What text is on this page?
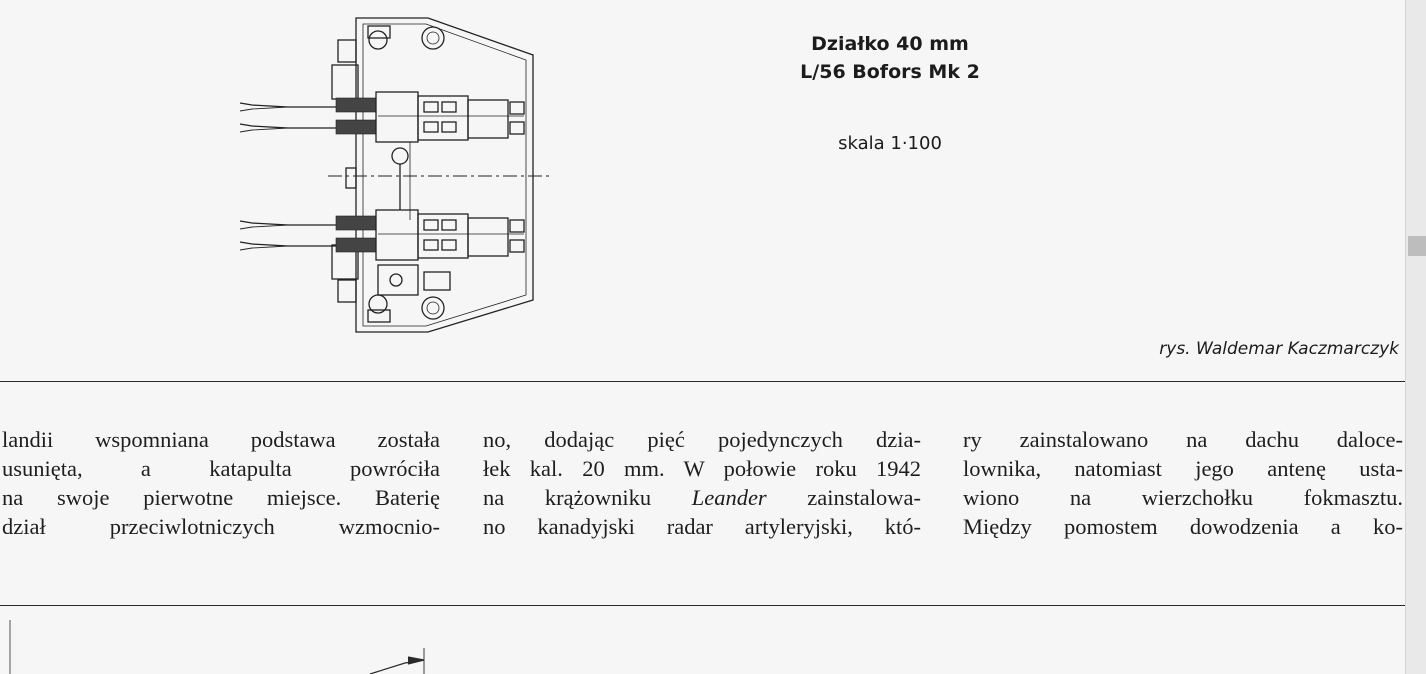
Działko 40 mm
L/56 Bofors Mk 2
skala 1·100
rys. Waldemar Kaczmarczyk
landii wspomniana podstawa została
usunięta, a katapulta powróciła
na swoje pierwotne miejsce. Baterię
dział przeciwlotniczych wzmocnio-
no, dodając pięć pojedynczych dzia-
łek kal. 20 mm. W połowie roku 1942
na krążowniku Leander zainstalowa-
no kanadyjski radar artyleryjski, któ-
ry zainstalowano na dachu dalocе-
lownika, natomiast jego antenę usta-
wiono na wierzchołku fokmasztu.
Między pomostem dowodzenia a ko-
